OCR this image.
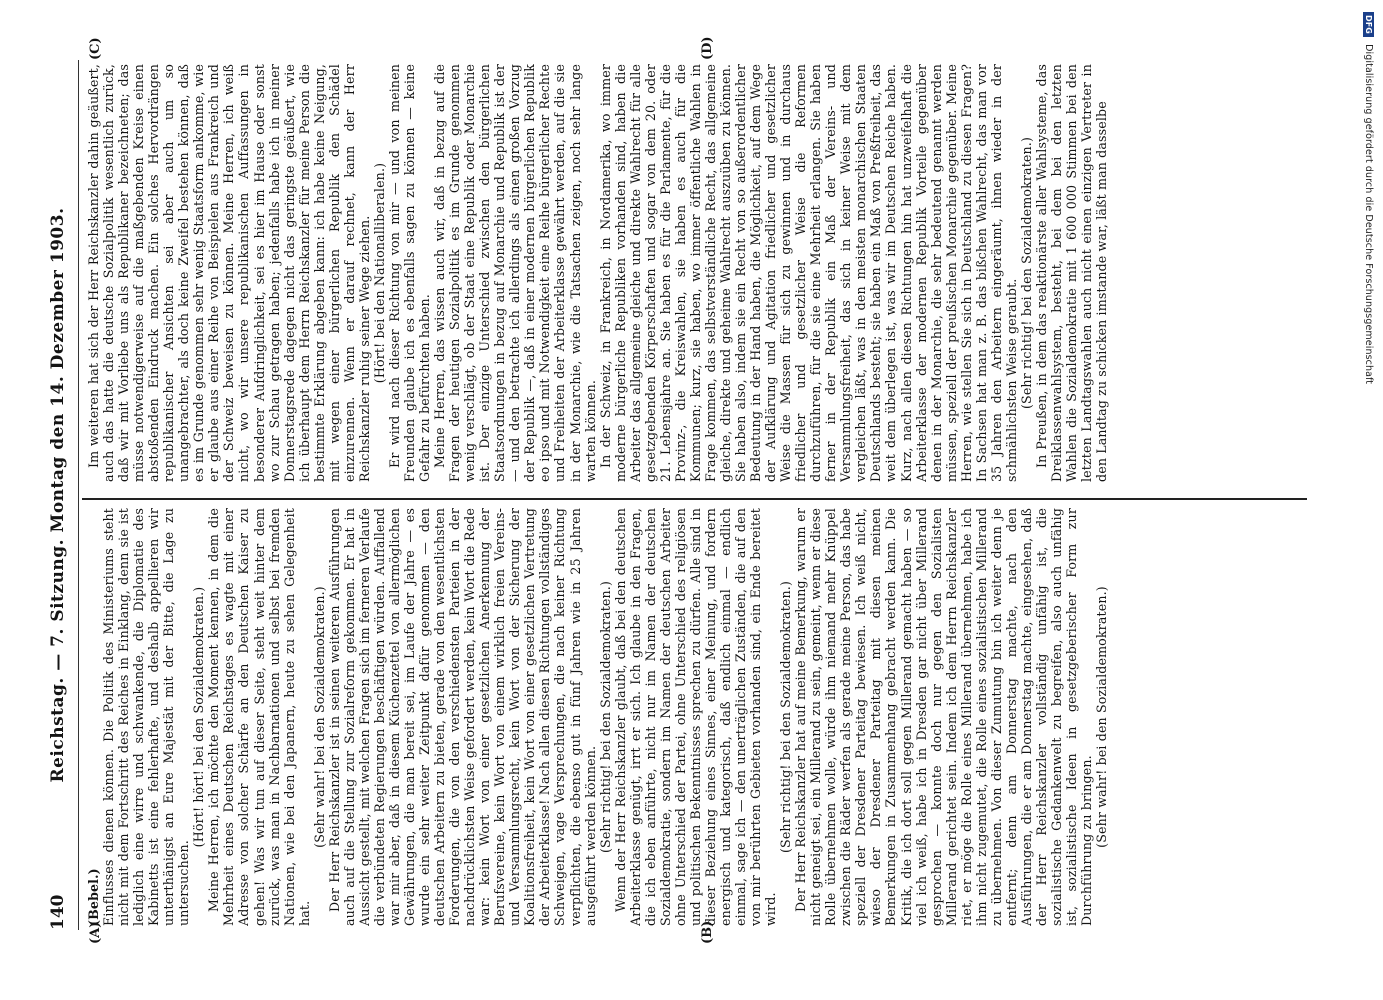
140
Reichstag. — 7. Sitzung. Montag den 14. Dezember 1903.
(A)	(B)
(C)	(D)

(Bebel.) Einflusses dienen können. Die Politik des Ministeriums steht nicht mit dem Fortschritt des Reiches in Einklang, denn sie ist lediglich eine wirre und schwankende, die Diplomatie des Kabinetts ist eine fehlerhafte, und deshalb appellieren wir unterthänigst an Eure Majestät mit der Bitte, die Lage zu untersuchen.

(Hört! hört! bei den Sozialdemokraten.) Meine Herren, ich möchte den Moment kennen, in dem die Mehrheit eines Deutschen Reichstages es wagte mit einer Adresse von solcher Schärfe an den Deutschen Kaiser zu gehen! Was wir tun auf dieser Seite, steht weit hinter dem zurück, was man in Nachbarnationen und selbst bei fremden Nationen, wie bei den Japanern, heute zu sehen Gelegenheit hat.

(Sehr wahr! bei den Sozialdemokraten.) Der Herr Reichskanzler ist in seinen weiteren Ausführungen auch auf die Stellung zur Sozialreform gekommen. Er hat in Aussicht gestellt, mit welchen Fragen sich im ferneren Verlaufe die verbündeten Regierungen beschäftigen würden. Auffallend war mir aber, daß in diesem Küchenzettel von allermöglichen Gewährungen, die man bereit sei, im Laufe der Jahre — es wurde ein sehr weiter Zeitpunkt dafür genommen — den deutschen Arbeitern zu bieten, gerade von den wesentlichsten Forderungen, die von den verschiedensten Parteien in der nachdrücklichsten Weise gefordert werden, kein Wort die Rede war: kein Wort von einer gesetzlichen Anerkennung der Berufsvereine, kein Wort von einem wirklich freien Vereins- und Versammlungsrecht, kein Wort von der Sicherung der Koalitionsfreiheit, kein Wort von einer gesetzlichen Vertretung der Arbeiterklasse! Nach allen diesen Richtungen vollständiges Schweigen, vage Versprechungen, die nach keiner Richtung verpflichten, die ebenso gut in fünf Jahren wie in 25 Jahren ausgeführt werden können. (Sehr richtig! bei den Sozialdemokraten.) Wenn der Herr Reichskanzler glaubt, daß bei den deutschen Arbeiterklasse genügt, irrt er sich. Ich glaube in den Fragen, die ich eben anführte, nicht nur im Namen der deutschen Sozialdemokratie, sondern im Namen der deutschen Arbeiter ohne Unterschied der Partei, ohne Unterschied des religiösen und politischen Bekenntnisses sprechen zu dürfen. Alle sind in dieser Beziehung eines Sinnes, einer Meinung, und fordern energisch und kategorisch, daß endlich einmal — endlich einmal, sage ich — den unerträglichen Zuständen, die auf den von mir berührten Gebieten vorhanden sind, ein Ende bereitet wird.

(Sehr richtig! bei den Sozialdemokraten.) Der Herr Reichskanzler hat auf meine Bemerkung, warum er nicht geneigt sei, ein Millerand zu sein, gemeint, wenn er diese Rolle übernehmen wolle, würde ihm niemand mehr Knüppel zwischen die Räder werfen als gerade meine Person, das habe speziell der Dresdener Parteitag bewiesen. Ich weiß nicht, wieso der Dresdener Parteitag mit diesen meinen Bemerkungen in Zusammenhang gebracht werden kann. Die Kritik, die ich dort soll gegen Millerand gemacht haben — so viel ich weiß, habe ich in Dresden gar nicht über Millerand gesprochen — konnte doch nur gegen den Sozialisten Millerand gerichtet sein. Indem ich dem Herrn Reichskanzler riet, er möge die Rolle eines Millerand übernehmen, habe ich ihm nicht zugemutet, die Rolle eines sozialistischen Millerand zu übernehmen. Von dieser Zumutung bin ich weiter denn je entfernt; denn am Donnerstag machte, nach den Ausführungen, die er am Donnerstag machte, eingesehen, daß der Herr Reichskanzler vollständig unfähig ist, die sozialistische Gedankenwelt zu begreifen, also auch unfähig ist, sozialistische Ideen in gesetzgeberischer Form zur Durchführung zu bringen. (Sehr wahr! bei den Sozialdemokraten.)

Im weiteren hat sich der Herr Reichskanzler dahin geäußert, auch das hatte die deutsche Sozialpolitik wesentlich zurück, daß wir mit Vorliebe uns als Republikaner bezeichneten; das müsse notwendigerweise auf die maßgebenden Kreise einen abstoßenden Eindruck machen. Ein solches Hervordrängen republikanischer Ansichten sei aber auch um so unangebrachter, als doch keine Zweifel bestehen können, daß es im Grunde genommen sehr wenig Staatsform ankomme, wie er glaube aus einer Reihe von Beispielen aus Frankreich und der Schweiz beweisen zu können. Meine Herren, ich weiß nicht, wo wir unsere republikanischen Auffassungen in besonderer Aufdringlichkeit, sei es hier im Hause oder sonst wo zur Schau getragen haben; jedenfalls habe ich in meiner Donnerstagsrede dagegen nicht das geringste geäußert, wie ich überhaupt dem Herrn Reichskanzler für meine Person die bestimmte Erklärung abgeben kann: ich habe keine Neigung, mit wegen einer bürgerlichen Republik den Schädel einzurennen. Wenn er darauf rechnet, kann der Herr Reichskanzler ruhig seiner Wege ziehen. (Hört! bei den Nationalliberalen.) Er wird nach dieser Richtung von mir — und von meinen Freunden glaube ich es ebenfalls sagen zu können — keine Gefahr zu befürchten haben. Meine Herren, das wissen auch wir, daß in bezug auf die Fragen der heutigen Sozialpolitik es im Grunde genommen wenig verschlägt, ob der Staat eine Republik oder Monarchie ist. Der einzige Unterschied zwischen den bürgerlichen Staatsordnungen in bezug auf Monarchie und Republik ist der — und den betrachte ich allerdings als einen großen Vorzug der Republik —, daß in einer modernen bürgerlichen Republik eo ipso und mit Notwendigkeit eine Reihe bürgerlicher Rechte und Freiheiten der Arbeiterklasse gewährt werden, auf die sie in der Monarchie, wie die Tatsachen zeigen, noch sehr lange warten können. In der Schweiz, in Frankreich, in Nordamerika, wo immer moderne bürgerliche Republiken vorhanden sind, haben die Arbeiter das allgemeine gleiche und direkte Wahlrecht für alle gesetzgebenden Körperschaften und sogar von dem 20. oder 21. Lebensjahre an. Sie haben es für die Parlamente, für die Provinz-, die Kreiswahlen, sie haben es auch für die Kommunen; kurz, sie haben, wo immer öffentliche Wahlen in Frage kommen, das selbstverständliche Recht, das allgemeine gleiche, direkte und geheime Wahlrecht auszuüben zu können. Sie haben also, indem sie ein Recht von so außerordentlicher Bedeutung in der Hand haben, die Möglichkeit, auf dem Wege der Aufklärung und Agitation friedlicher und gesetzlicher Weise die Massen für sich zu gewinnen und in durchaus friedlicher und gesetzlicher Weise die Reformen durchzuführen, für die sie eine Mehrheit erlangen. Sie haben ferner in der Republik ein Maß der Vereins- und Versammlungsfreiheit, das sich in keiner Weise mit dem vergleichen läßt, was in den meisten monarchischen Staaten Deutschlands besteht; sie haben ein Maß von Preßfreiheit, das weit dem überlegen ist, was wir im Deutschen Reiche haben. Kurz, nach allen diesen Richtungen hin hat unzweifelhaft die Arbeiterklasse der modernen Republik Vorteile gegenüber denen in der Monarchie, die sehr bedeutend genannt werden müssen, speziell der preußischen Monarchie gegenüber. Meine Herren, wie stellen Sie sich in Deutschland zu diesen Fragen? In Sachsen hat man z. B. das bißchen Wahlrecht, das man vor 35 Jahren den Arbeitern eingeräumt, ihnen wieder in der schmählichsten Weise geraubt. (Sehr richtig! bei den Sozialdemokraten.) In Preußen, in dem das reaktionärste aller Wahlsysteme, das Dreiklassenwahlsystem, besteht, bei dem bei den letzten Wahlen die Sozialdemokratie mit 1 600 000 Stimmen bei den letzten Landtagswahlen auch nicht einen einzigen Vertreter in den Landtag zu schicken imstande war, läßt man dasselbe

DFG Digitalisierung gefördert durch die Deutsche Forschungsgemeinschaft
